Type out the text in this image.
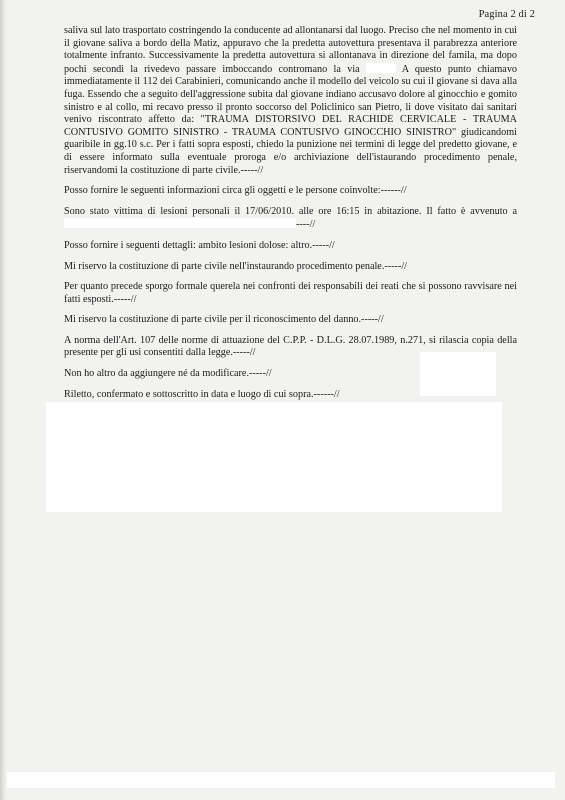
Pagina 2 di 2

saliva sul lato trasportato costringendo la conducente ad allontanarsi dal luogo. Preciso che nel momento in cui il giovane saliva a bordo della Matiz, appuravo che la predetta autovettura presentava il parabrezza anteriore totalmente infranto. Successivamente la predetta autovettura si allontanava in direzione del famila, ma dopo pochi secondi la rivedevo passare imboccando contromano la via	A questo punto chiamavo immediatamente il 112 dei Carabinieri, comunicando anche il modello del veicolo su cui il giovane si dava alla fuga. Essendo che a seguito dell'aggressione subita dal giovane indiano accusavo dolore al ginocchio e gomito sinistro e al collo, mi recavo presso il pronto soccorso del Policlinico san Pietro, li dove visitato dai sanitari venivo riscontrato affetto da: "TRAUMA DISTORSIVO DEL RACHIDE CERVICALE - TRAUMA CONTUSIVO GOMITO SINISTRO - TRAUMA CONTUSIVO GINOCCHIO SINISTRO" giudicandomi guaribile in gg.10 s.c. Per i fatti sopra esposti, chiedo la punizione nei termini di legge del predetto giovane, e di essere informato sulla eventuale proroga e/o archiviazione dell'istaurando procedimento penale, riservandomi la costituzione di parte civile.-----//

Posso fornire le seguenti informazioni circa gli oggetti e le persone coinvolte:------//

Sono stato vittima di lesioni personali il 17/06/2010. alle ore 16:15 in abitazione. Il fatto è avvenuto a ----//

Posso fornire i seguenti dettagli: ambito lesioni dolose: altro.-----//

Mi riservo la costituzione di parte civile nell'instaurando procedimento penale.-----//

Per quanto precede sporgo formale querela nei confronti dei responsabili dei reati che si possono ravvisare nei fatti esposti.-----//

Mi riservo la costituzione di parte civile per il riconoscimento del danno.-----//

A norma dell'Art. 107 delle norme di attuazione del C.P.P. - D.L.G. 28.07.1989, n.271, si rilascia copia della presente per gli usi consentiti dalla legge.-----//

Non ho altro da aggiungere né da modificare.-----//

Riletto, confermato e sottoscritto in data e luogo di cui sopra.------//
